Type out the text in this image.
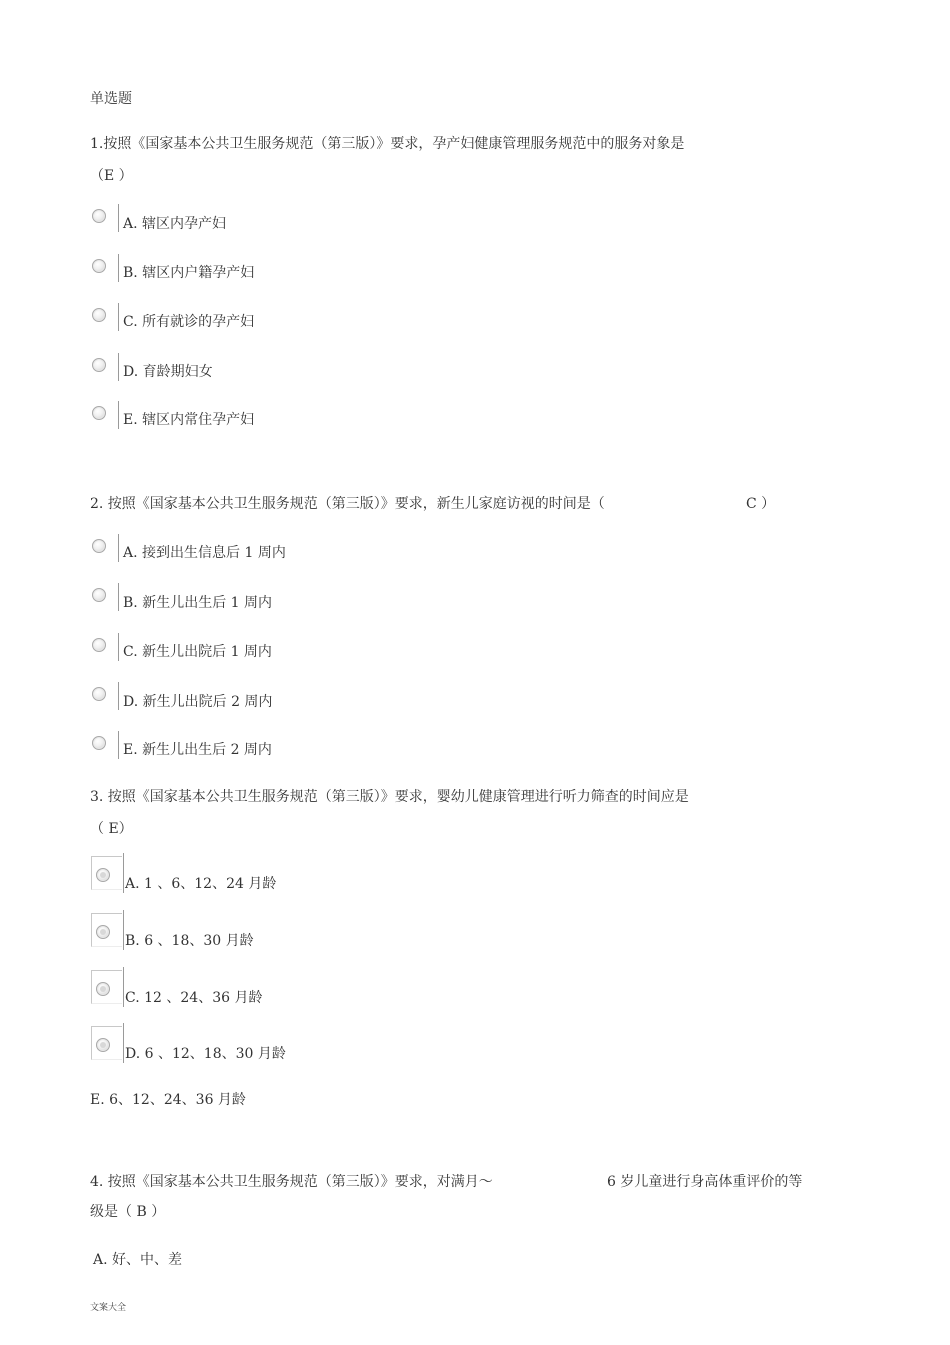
单选题
1.按照《国家基本公共卫生服务规范（第三版）》要求，孕产妇健康管理服务规范中的服务对象是
（E ）
A. 辖区内孕产妇
B. 辖区内户籍孕产妇
C. 所有就诊的孕产妇
D. 育龄期妇女
E. 辖区内常住孕产妇
2. 按照《国家基本公共卫生服务规范（第三版）》要求，新生儿家庭访视的时间是（	C ）
A. 接到出生信息后 1 周内
B. 新生儿出生后 1 周内
C. 新生儿出院后 1 周内
D. 新生儿出院后 2 周内
E. 新生儿出生后 2 周内
3. 按照《国家基本公共卫生服务规范（第三版）》要求，婴幼儿健康管理进行听力筛查的时间应是
（ E）
A. 1 、6、12、24 月龄
B. 6 、18、30 月龄
C. 12 、24、36 月龄
D. 6 、12、18、30 月龄
E. 6、12、24、36 月龄
4. 按照《国家基本公共卫生服务规范（第三版）》要求，对满月～	6 岁儿童进行身高体重评价的等
级是（ B ）
A. 好、中、差
文案大全
